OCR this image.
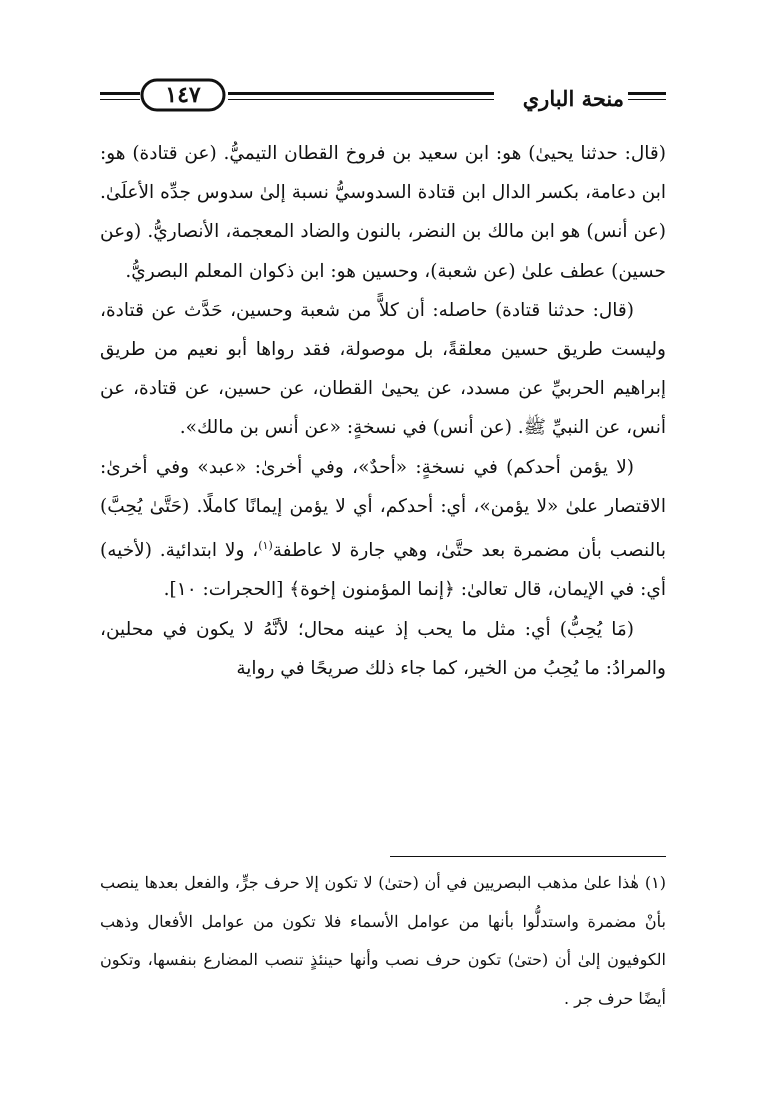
منحة الباري
١٤٧

(قال: حدثنا يحيىٰ) هو: ابن سعيد بن فروخ القطان التيميُّ. (عن قتادة) هو: ابن دعامة، بكسر الدال ابن قتادة السدوسيُّ نسبة إلىٰ سدوس جدِّه الأعلَىٰ. (عن أنس) هو ابن مالك بن النضر، بالنون والضاد المعجمة، الأنصاريُّ. (وعن حسين) عطف علىٰ (عن شعبة)، وحسين هو: ابن ذكوان المعلم البصريُّ.

(قال: حدثنا قتادة) حاصله: أن كلاًّ من شعبة وحسين، حَدَّث عن قتادة، وليست طريق حسين معلقةً، بل موصولة، فقد رواها أبو نعيم من طريق إبراهيم الحربيِّ عن مسدد، عن يحيىٰ القطان، عن حسين، عن قتادة، عن أنس، عن النبيِّ ﷺ. (عن أنس) في نسخةٍ: «عن أنس بن مالك».

(لا يؤمن أحدكم) في نسخةٍ: «أحدٌ»، وفي أخرىٰ: «عبد» وفي أخرىٰ: الاقتصار علىٰ «لا يؤمن»، أي: أحدكم، أي لا يؤمن إيمانًا كاملًا. (حَتَّىٰ يُحِبَّ) بالنصب بأن مضمرة بعد حتَّىٰ، وهي جارة لا عاطفة$^{(١)}$، ولا ابتدائية. (لأخيه) أي: في الإيمان، قال تعالىٰ: ﴿إنما المؤمنون إخوة﴾ [الحجرات: ١٠].

(مَا يُحِبُّ) أي: مثل ما يحب إذ عينه محال؛ لأنَّهُ لا يكون في محلين، والمرادُ: ما يُحِبُ من الخير، كما جاء ذلك صريحًا في رواية

(١)هٰذا علىٰ مذهب البصريين في أن (حتىٰ) لا تكون إلا حرف جرٍّ، والفعل بعدها ينصب بأنْ مضمرة واستدلُّوا بأنها من عوامل الأسماء فلا تكون من عوامل الأفعال وذهب الكوفيون إلىٰ أن (حتىٰ) تكون حرف نصب وأنها حينئذٍ تنصب المضارع بنفسها، وتكون أيضًا حرف جر .
